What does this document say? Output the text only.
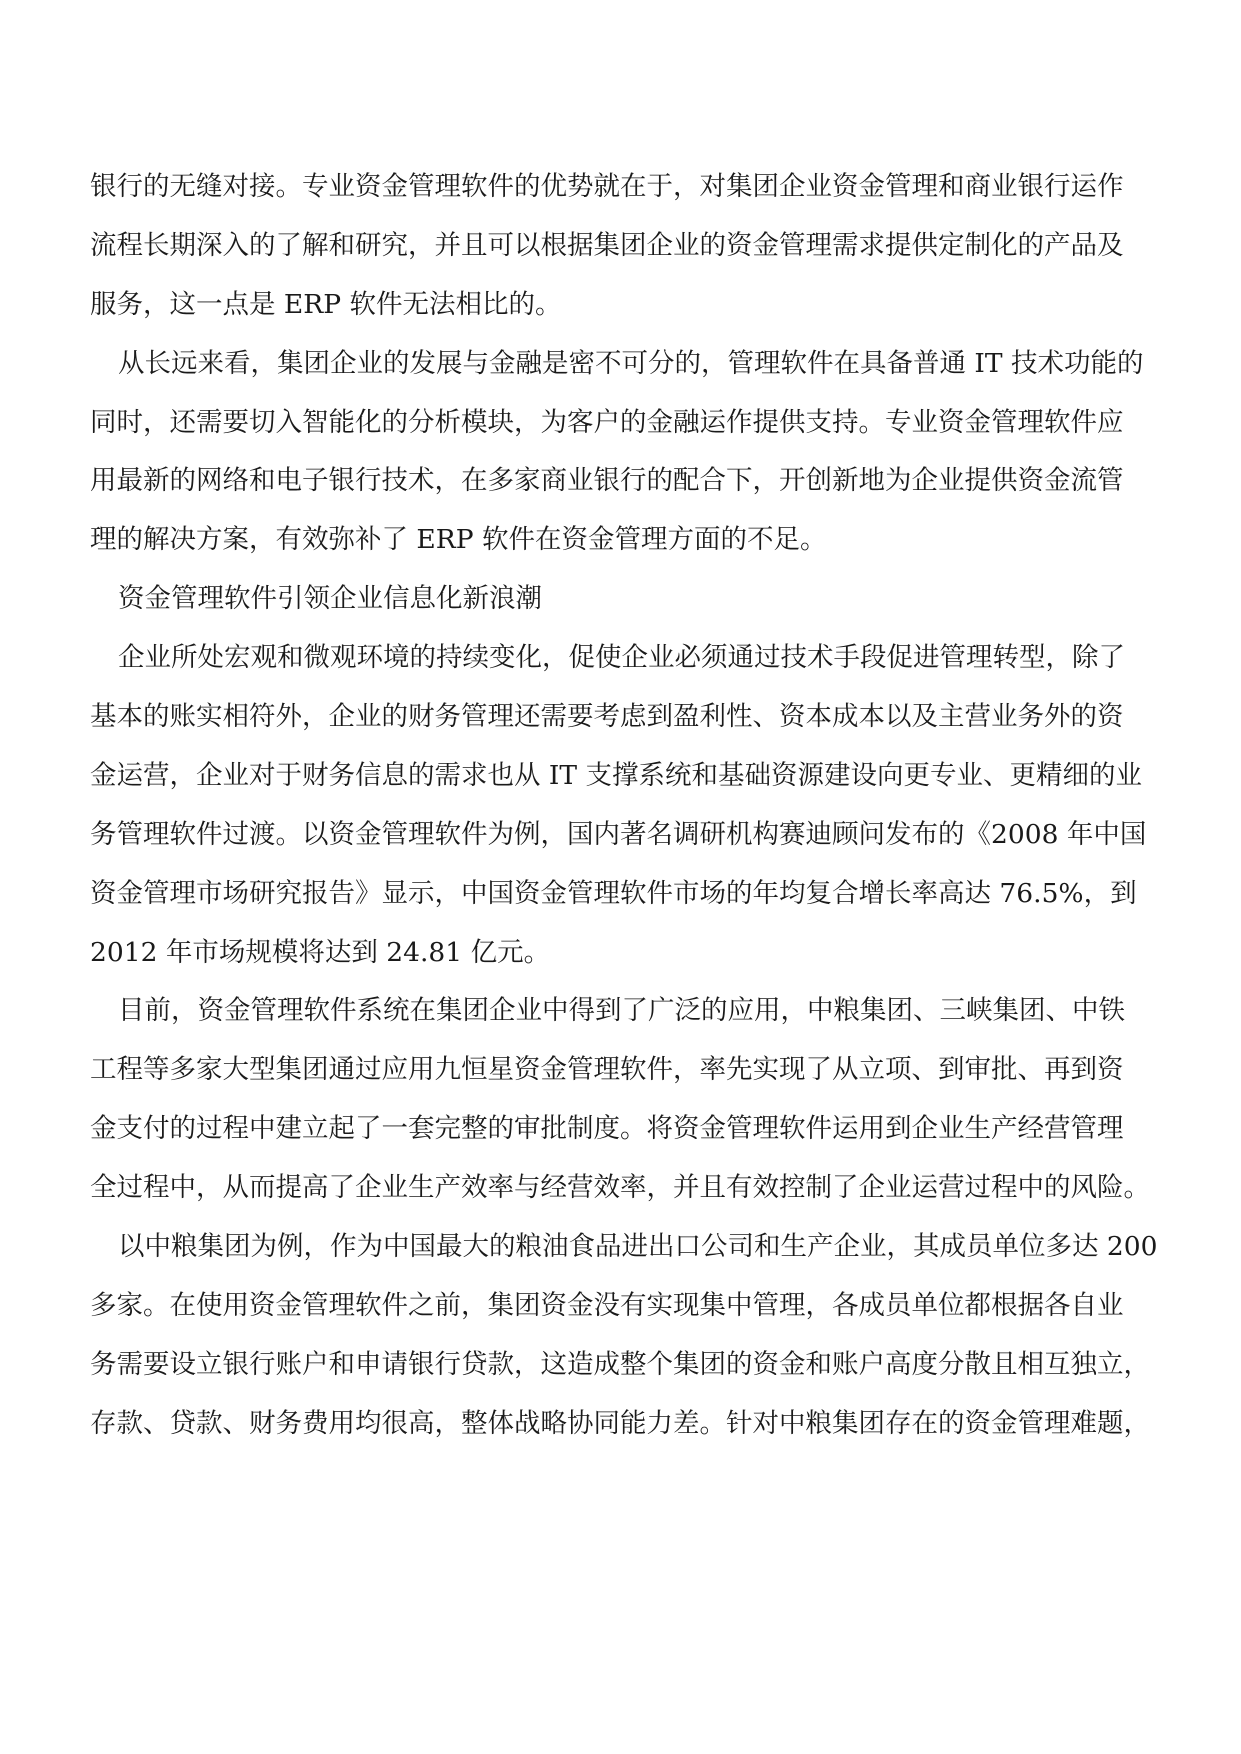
银行的无缝对接。专业资金管理软件的优势就在于，对集团企业资金管理和商业银行运作
流程长期深入的了解和研究，并且可以根据集团企业的资金管理需求提供定制化的产品及
服务，这一点是 ERP 软件无法相比的。
从长远来看，集团企业的发展与金融是密不可分的，管理软件在具备普通 IT 技术功能的
同时，还需要切入智能化的分析模块，为客户的金融运作提供支持。专业资金管理软件应
用最新的网络和电子银行技术，在多家商业银行的配合下，开创新地为企业提供资金流管
理的解决方案，有效弥补了 ERP 软件在资金管理方面的不足。
资金管理软件引领企业信息化新浪潮
企业所处宏观和微观环境的持续变化，促使企业必须通过技术手段促进管理转型，除了
基本的账实相符外，企业的财务管理还需要考虑到盈利性、资本成本以及主营业务外的资
金运营，企业对于财务信息的需求也从 IT 支撑系统和基础资源建设向更专业、更精细的业
务管理软件过渡。以资金管理软件为例，国内著名调研机构赛迪顾问发布的《2008 年中国
资金管理市场研究报告》显示，中国资金管理软件市场的年均复合增长率高达 76.5%，到
2012 年市场规模将达到 24.81 亿元。
目前，资金管理软件系统在集团企业中得到了广泛的应用，中粮集团、三峡集团、中铁
工程等多家大型集团通过应用九恒星资金管理软件，率先实现了从立项、到审批、再到资
金支付的过程中建立起了一套完整的审批制度。将资金管理软件运用到企业生产经营管理
全过程中，从而提高了企业生产效率与经营效率，并且有效控制了企业运营过程中的风险。
以中粮集团为例，作为中国最大的粮油食品进出口公司和生产企业，其成员单位多达 200
多家。在使用资金管理软件之前，集团资金没有实现集中管理，各成员单位都根据各自业
务需要设立银行账户和申请银行贷款，这造成整个集团的资金和账户高度分散且相互独立，
存款、贷款、财务费用均很高，整体战略协同能力差。针对中粮集团存在的资金管理难题，
